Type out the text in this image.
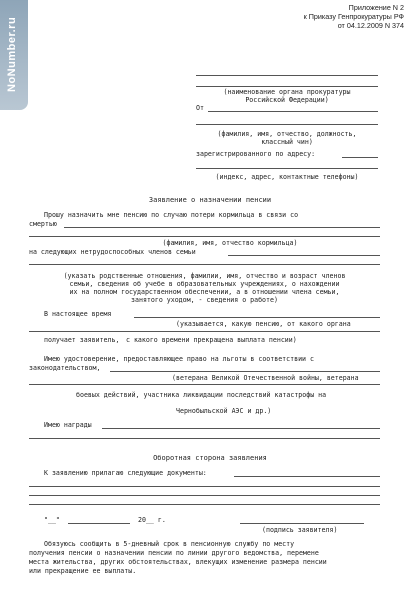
NoNumber.ru
Приложение N 2
к Приказу Генпрокуратуры РФ
от 04.12.2009 N 374
(наименование органа прокуратуры
Российской Федерации)
От
(фамилия, имя, отчество, должность,
классный чин)
зарегистрированного по адресу:
(индекс, адрес, контактные телефоны)
Заявление о назначении пенсии
Прошу назначить мне пенсию по случаю потери кормильца в связи со
смертью
(фамилия, имя, отчество кормильца)
на следующих нетрудоспособных членов семьи
(указать родственные отношения, фамилии, имя, отчество и возраст членов
семьи, сведения об учебе в образовательных учреждениях, о нахождении
их на полном государственном обеспечении, а в отношении члена семьи,
занятого уходом, - сведения о работе)
В настоящее время
(указывается, какую пенсию, от какого органа
получает заявитель, с какого времени прекращена выплата пенсии)
Имею удостоверение, предоставляющее право на льготы в соответствии с
законодательством,
(ветерана Великой Отечественной войны, ветерана
боевых действий, участника ликвидации последствий катастрофы на
Чернобыльской АЭС и др.)
Имею награды
Оборотная сторона заявления
К заявлению прилагаю следующие документы:
"__"	20__ г.
(подпись заявителя)
Обязуюсь сообщить в 5-дневный срок в пенсионную службу по месту
получения пенсии о назначении пенсии по линии другого ведомства, перемене
места жительства, других обстоятельствах, влекущих изменение размера пенсии
или прекращение ее выплаты.
